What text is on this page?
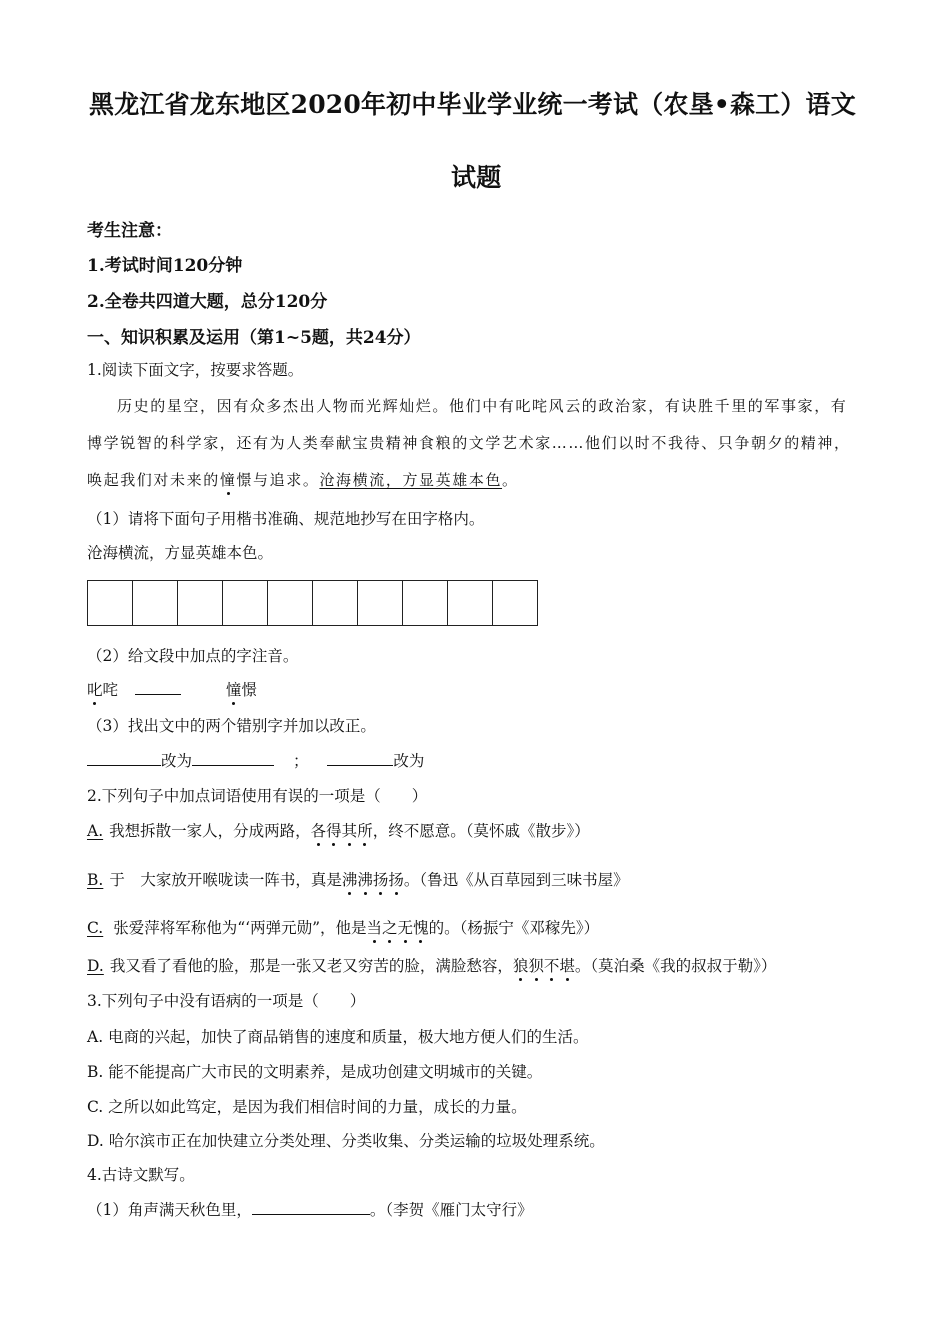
黑龙江省龙东地区2020年初中毕业学业统一考试（农垦•森工）语文
试题
考生注意：
1.考试时间120分钟
2.全卷共四道大题，总分120分
一、知识积累及运用（第1~5题，共24分）
1.阅读下面文字，按要求答题。
历史的星空，因有众多杰出人物而光辉灿烂。他们中有叱咤风云的政治家，有诀胜千里的军事家，有
博学锐智的科学家，还有为人类奉献宝贵精神食粮的文学艺术家……他们以时不我待、只争朝夕的精神，
唤起我们对未来的憧憬与追求。沧海横流，方显英雄本色。
（1）请将下面句子用楷书准确、规范地抄写在田字格内。
沧海横流，方显英雄本色。
（2）给文段中加点的字注音。
叱咤	憧憬
（3）找出文中的两个错别字并加以改正。
改为	；	改为
2.下列句子中加点词语使用有误的一项是（　　）
A. 我想拆散一家人，分成两路，各得其所，终不愿意。（莫怀戚《散步》）
B. 于　大家放开喉咙读一阵书，真是沸沸扬扬。（鲁迅《从百草园到三味书屋》
C. 张爱萍将军称他为“‘两弹元勋”，他是当之无愧的。（杨振宁《邓稼先》）
D. 我又看了看他的脸，那是一张又老又穷苦的脸，满脸愁容，狼狈不堪。（莫泊桑《我的叔叔于勒》）
3.下列句子中没有语病的一项是（　　）
A. 电商的兴起，加快了商品销售的速度和质量，极大地方便人们的生活。
B. 能不能提高广大市民的文明素养，是成功创建文明城市的关键。
C. 之所以如此笃定，是因为我们相信时间的力量，成长的力量。
D. 哈尔滨市正在加快建立分类处理、分类收集、分类运输的垃圾处理系统。
4.古诗文默写。
（1）角声满天秋色里，	。（李贺《雁门太守行》
